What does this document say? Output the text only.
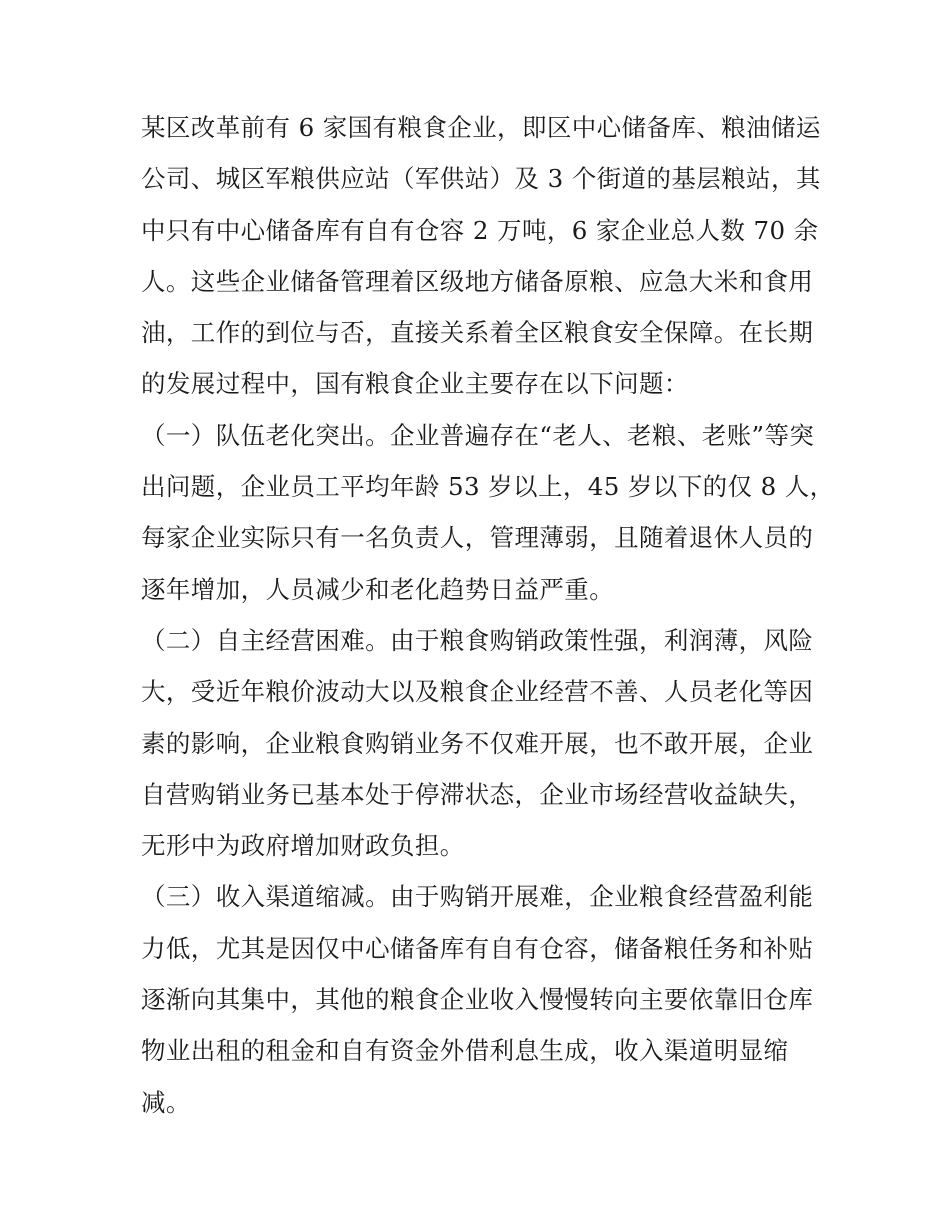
某区改革前有 6 家国有粮食企业，即区中心储备库、粮油储运
公司、城区军粮供应站（军供站）及 3 个街道的基层粮站，其
中只有中心储备库有自有仓容 2 万吨，6 家企业总人数 70 余
人。这些企业储备管理着区级地方储备原粮、应急大米和食用
油，工作的到位与否，直接关系着全区粮食安全保障。在长期
的发展过程中，国有粮食企业主要存在以下问题：
（一）队伍老化突出。企业普遍存在“老人、老粮、老账”等突
出问题，企业员工平均年龄 53 岁以上，45 岁以下的仅 8 人，
每家企业实际只有一名负责人，管理薄弱，且随着退休人员的
逐年增加，人员减少和老化趋势日益严重。
（二）自主经营困难。由于粮食购销政策性强，利润薄，风险
大，受近年粮价波动大以及粮食企业经营不善、人员老化等因
素的影响，企业粮食购销业务不仅难开展，也不敢开展，企业
自营购销业务已基本处于停滞状态，企业市场经营收益缺失，
无形中为政府增加财政负担。
（三）收入渠道缩减。由于购销开展难，企业粮食经营盈利能
力低，尤其是因仅中心储备库有自有仓容，储备粮任务和补贴
逐渐向其集中，其他的粮食企业收入慢慢转向主要依靠旧仓库
物业出租的租金和自有资金外借利息生成，收入渠道明显缩
减。
